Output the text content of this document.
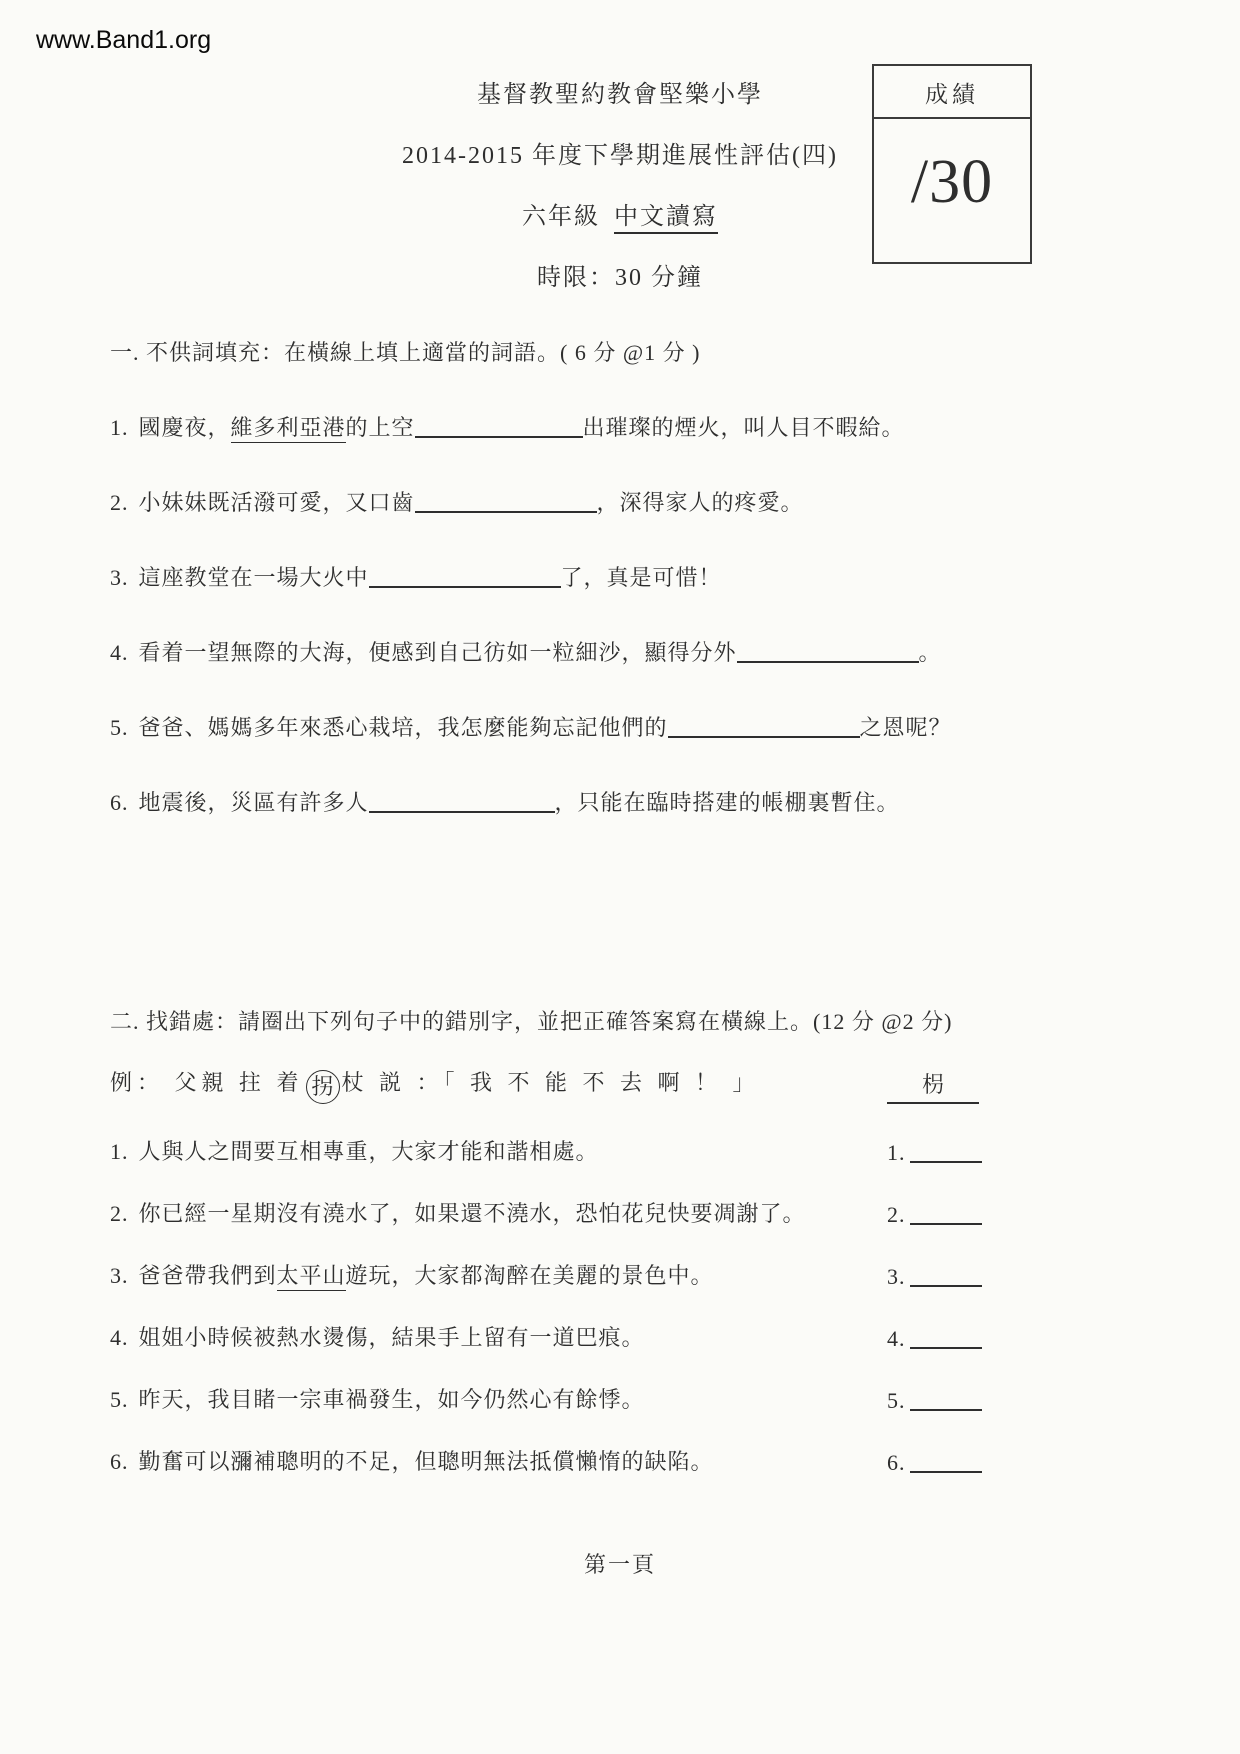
www.Band1.org
成績
/30
基督教聖約教會堅樂小學
2014-2015 年度下學期進展性評估(四)
六年級 中文讀寫
時限：30 分鐘
一. 不供詞填充：在橫線上填上適當的詞語。( 6 分 @1 分 )
1. 國慶夜，維多利亞港的上空	出璀璨的煙火，叫人目不暇給。
2. 小妹妹既活潑可愛，又口齒	，深得家人的疼愛。
3. 這座教堂在一場大火中	了，真是可惜！
4. 看着一望無際的大海，便感到自己彷如一粒細沙，顯得分外	。
5. 爸爸、媽媽多年來悉心栽培，我怎麼能夠忘記他們的	之恩呢？
6. 地震後，災區有許多人	，只能在臨時搭建的帳棚裏暫住。
二. 找錯處：請圈出下列句子中的錯別字，並把正確答案寫在橫線上。(12 分 @2 分)
例： 父親 拄 着 拐 杖 説 ：「 我 不 能 不 去 啊 ！ 」	枴
1. 人與人之間要互相專重，大家才能和諧相處。	1.
2. 你已經一星期沒有澆水了，如果還不澆水，恐怕花兒快要凋謝了。	2.
3. 爸爸帶我們到太平山遊玩，大家都淘醉在美麗的景色中。	3.
4. 姐姐小時候被熱水燙傷，結果手上留有一道巴痕。	4.
5. 昨天，我目睹一宗車禍發生，如今仍然心有餘悸。	5.
6. 勤奮可以瀰補聰明的不足，但聰明無法抵償懶惰的缺陷。	6.
第一頁
